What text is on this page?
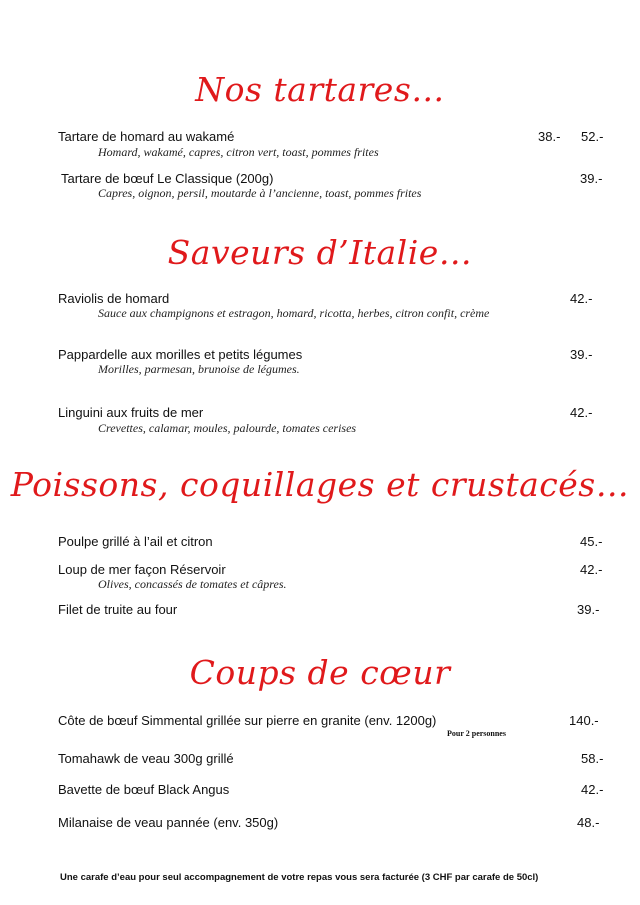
Nos tartares…
Tartare de homard au wakamé	38.- 52.-
Homard, wakamé, capres, citron vert, toast, pommes frites
Tartare de bœuf Le Classique (200g)	39.-
Capres, oignon, persil, moutarde à l’ancienne, toast, pommes frites
Saveurs d’Italie…
Raviolis de homard	42.-
Sauce aux champignons et estragon, homard, ricotta, herbes, citron confit, crème
Pappardelle aux morilles et petits légumes	39.-
Morilles, parmesan, brunoise de légumes.
Linguini aux fruits de mer	42.-
Crevettes, calamar, moules, palourde, tomates cerises
Poissons, coquillages et crustacés…
Poulpe grillé à l’ail et citron	45.-
Loup de mer façon Réservoir	42.-
Olives, concassés de tomates et câpres.
Filet de truite au four	39.-
Coups de cœur
Côte de bœuf Simmental grillée sur pierre en granite (env. 1200g)	140.-
Pour 2 personnes
Tomahawk de veau 300g grillé	58.-
Bavette de bœuf Black Angus	42.-
Milanaise de veau pannée (env. 350g)	48.-
Une carafe d’eau pour seul accompagnement de votre repas vous sera facturée (3 CHF par carafe de 50cl)
